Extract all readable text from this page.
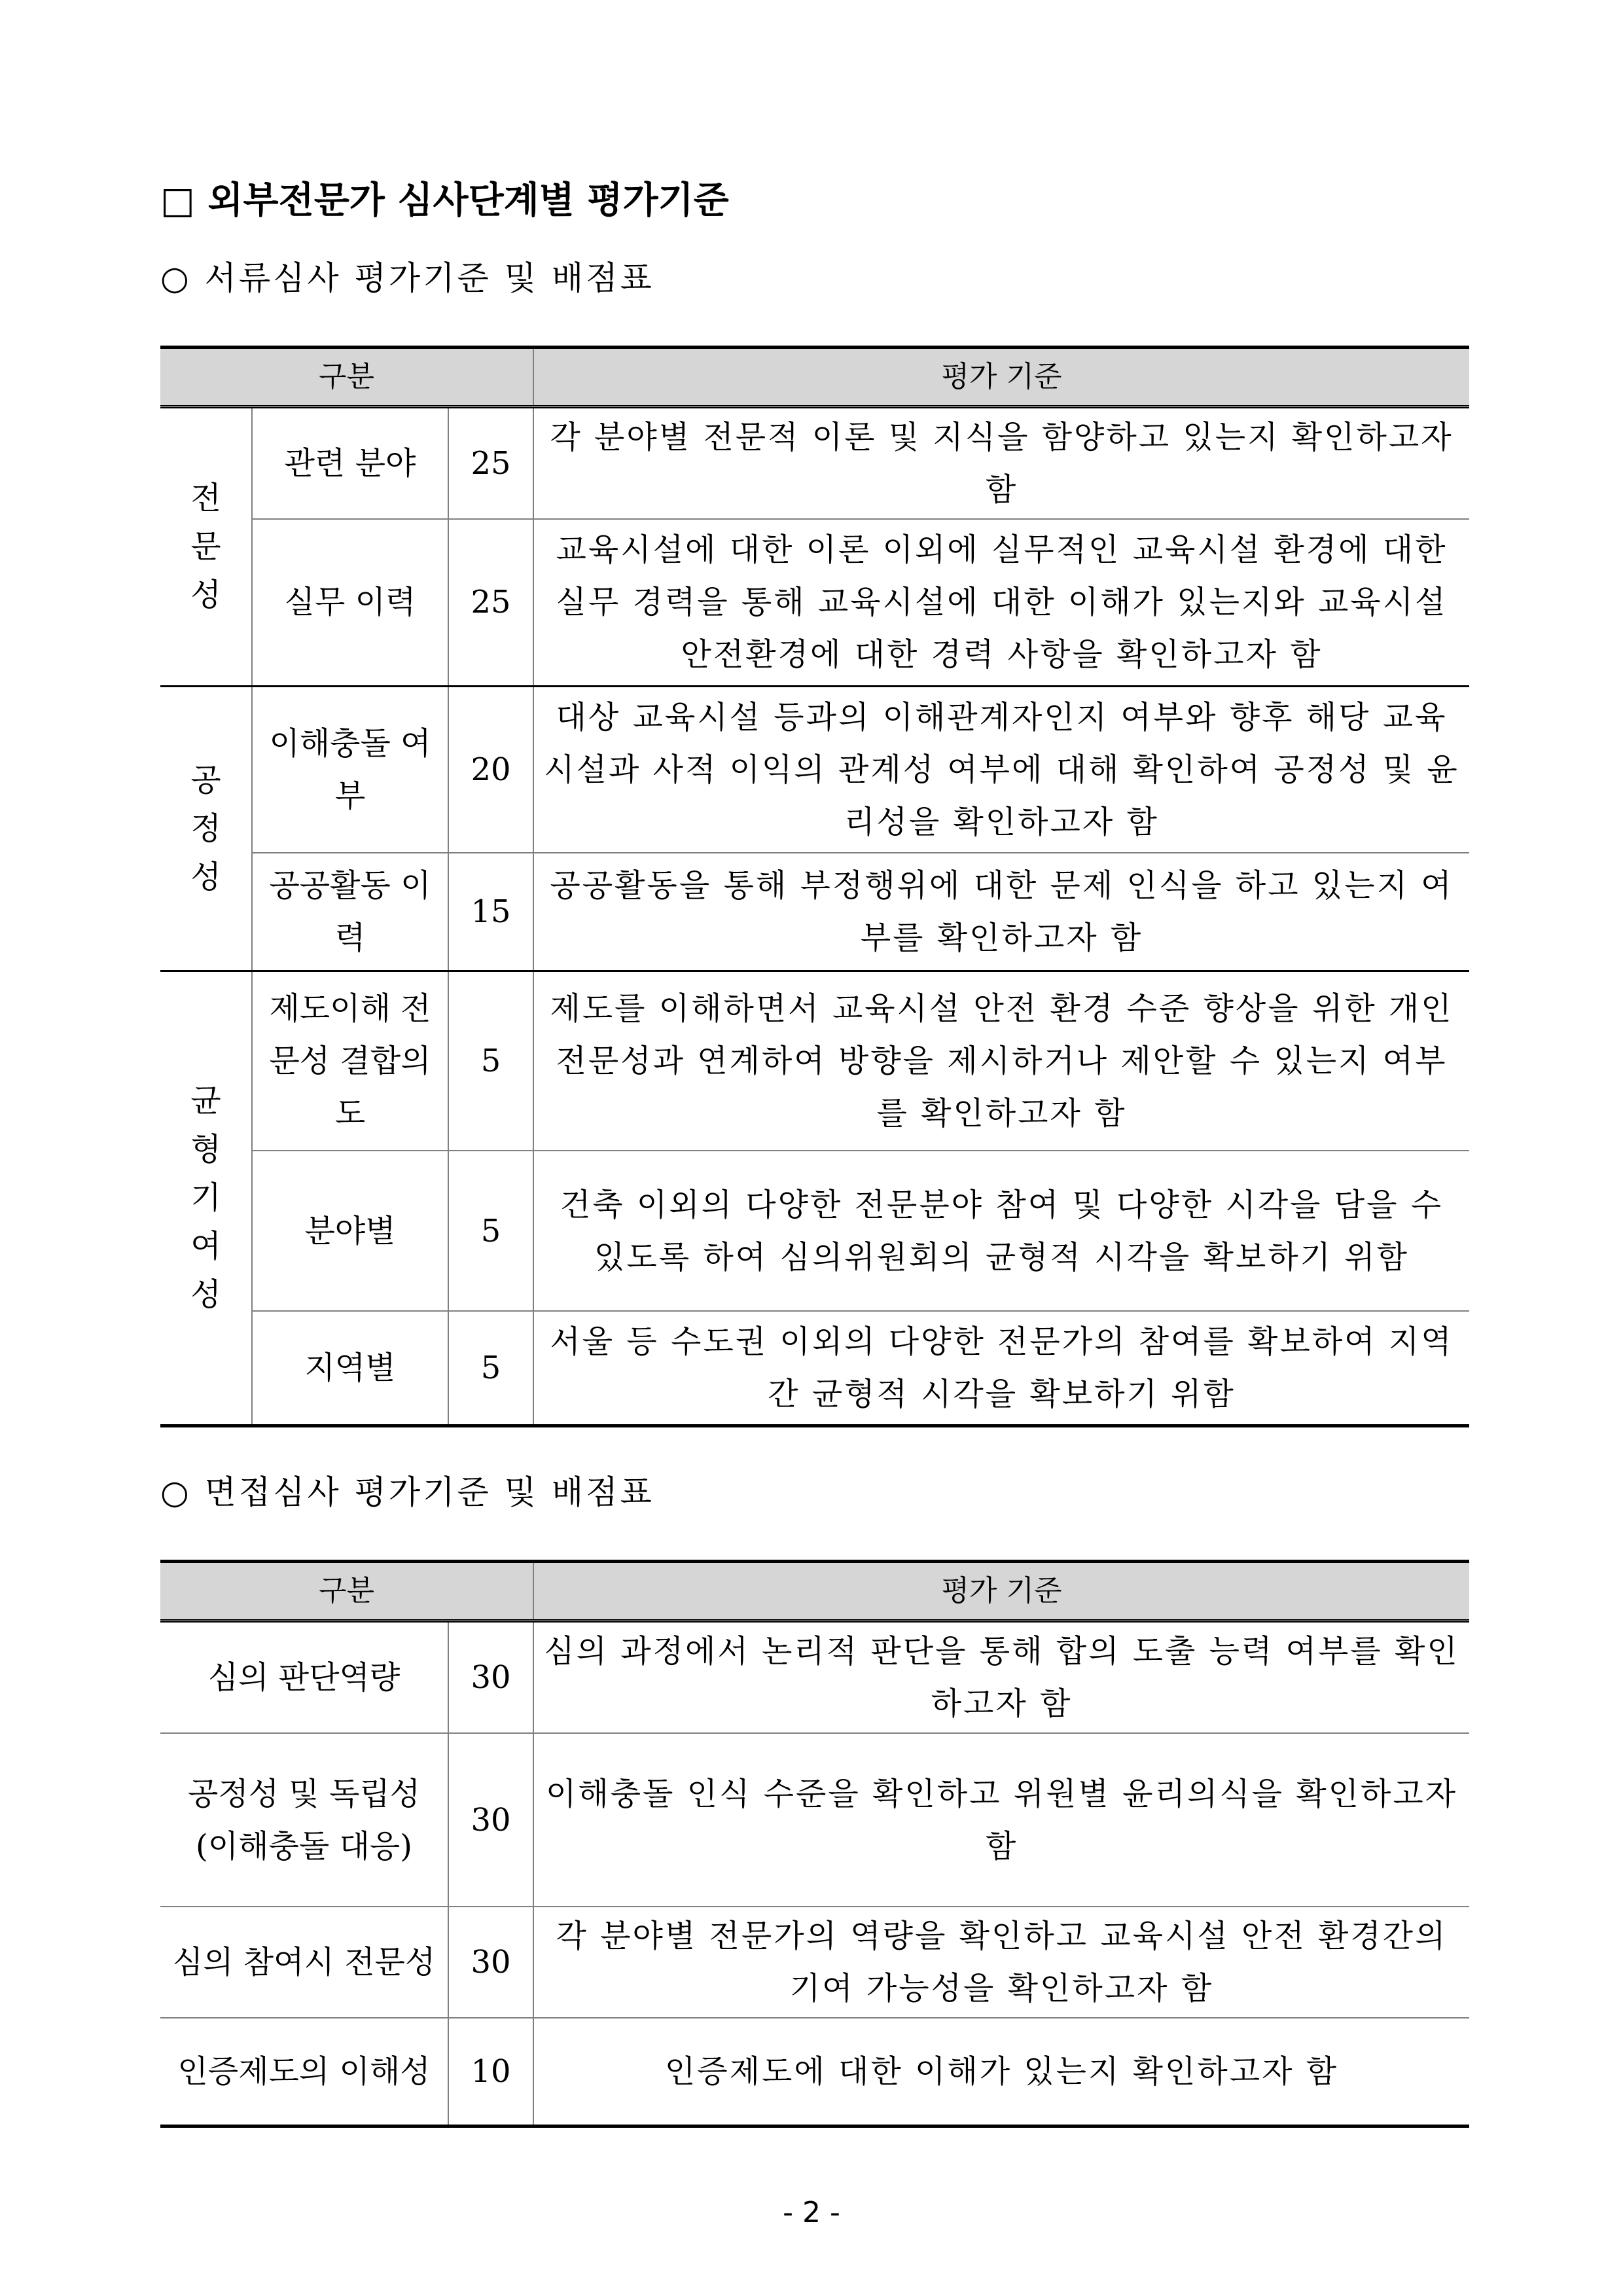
□ 외부전문가 심사단계별 평가기준
○ 서류심사 평가기준 및 배점표
구분			평가 기준

전
문
성	관련 분야	25	각 분야별 전문적 이론 및 지식을 함양하고 있는지 확인하고자 함
	실무 이력	25	교육시설에 대한 이론 이외에 실무적인 교육시설 환경에 대한 실무 경력을 통해 교육시설에 대한 이해가 있는지와 교육시설 안전환경에 대한 경력 사항을 확인하고자 함

공
정
성	이해충돌 여부	20	대상 교육시설 등과의 이해관계자인지 여부와 향후 해당 교육시설과 사적 이익의 관계성 여부에 대해 확인하여 공정성 및 윤리성을 확인하고자 함
	공공활동 이력	15	공공활동을 통해 부정행위에 대한 문제 인식을 하고 있는지 여부를 확인하고자 함

균
형
기
여
성	제도이해 전문성 결합의도	5	제도를 이해하면서 교육시설 안전 환경 수준 향상을 위한 개인 전문성과 연계하여 방향을 제시하거나 제안할 수 있는지 여부를 확인하고자 함
	분야별	5	건축 이외의 다양한 전문분야 참여 및 다양한 시각을 담을 수 있도록 하여 심의위원회의 균형적 시각을 확보하기 위함
	지역별	5	서울 등 수도권 이외의 다양한 전문가의 참여를 확보하여 지역 간 균형적 시각을 확보하기 위함
○ 면접심사 평가기준 및 배점표
구분		평가 기준
심의 판단역량	30	심의 과정에서 논리적 판단을 통해 합의 도출 능력 여부를 확인하고자 함
공정성 및 독립성 (이해충돌 대응)	30	이해충돌 인식 수준을 확인하고 위원별 윤리의식을 확인하고자 함
심의 참여시 전문성	30	각 분야별 전문가의 역량을 확인하고 교육시설 안전 환경간의 기여 가능성을 확인하고자 함
인증제도의 이해성	10	인증제도에 대한 이해가 있는지 확인하고자 함
- 2 -
